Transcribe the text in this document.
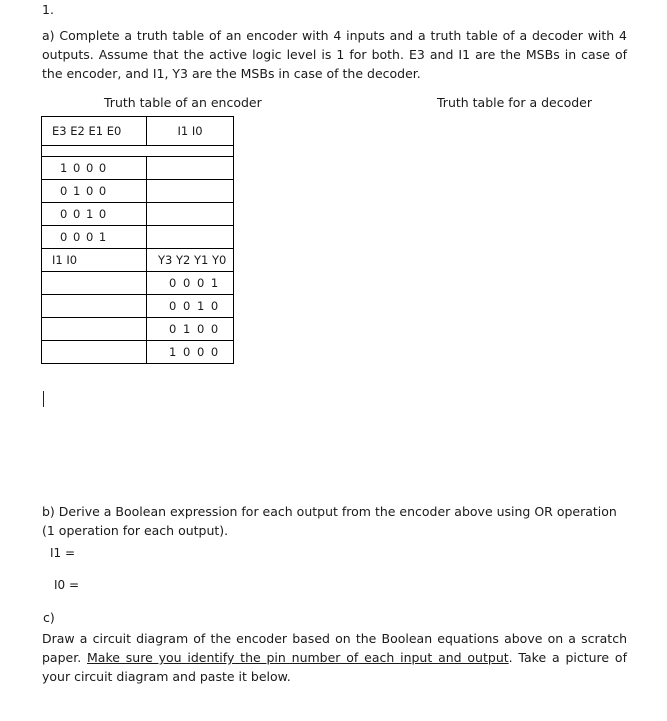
1.
a) Complete a truth table of an encoder with 4 inputs and a truth table of a decoder with 4 outputs. Assume that the active logic level is 1 for both. E3 and I1 are the MSBs in case of the encoder, and I1, Y3 are the MSBs in case of the decoder.
Truth table of an encoder	Truth table for a decoder
E3 E2 E1 E0	I1 I0

1 0 0 0	
0 1 0 0	
0 0 1 0	
0 0 0 1	
I1 I0	Y3 Y2 Y1 Y0
	0 0 0 1
	0 0 1 0
	0 1 0 0
	1 0 0 0
b) Derive a Boolean expression for each output from the encoder above using OR operation (1 operation for each output).
I1 =
I0 =
c)
Draw a circuit diagram of the encoder based on the Boolean equations above on a scratch paper. Make sure you identify the pin number of each input and output. Take a picture of your circuit diagram and paste it below.
